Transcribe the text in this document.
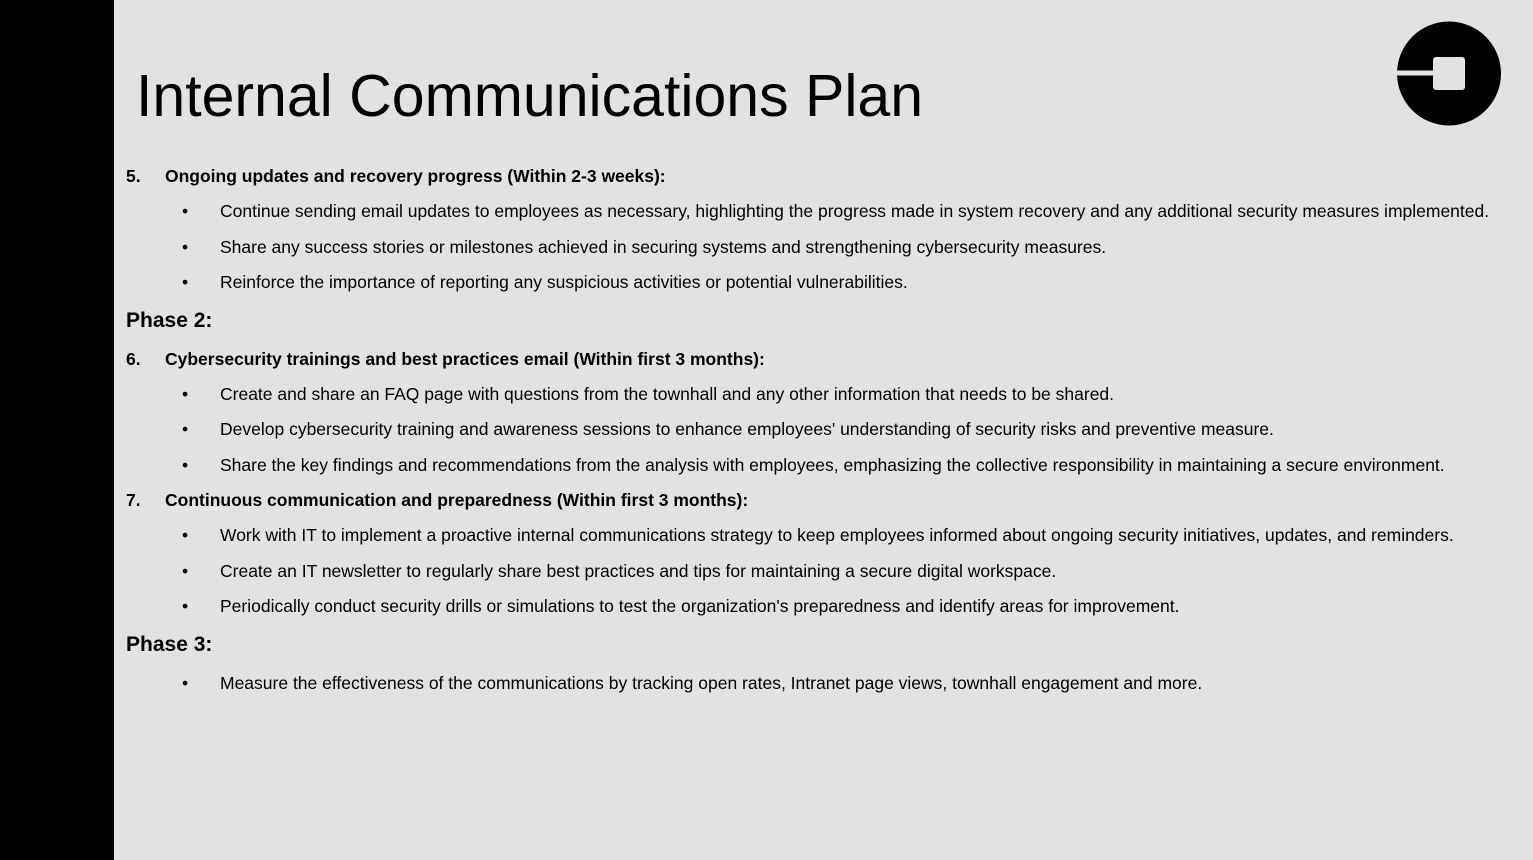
Internal Communications Plan
5. Ongoing updates and recovery progress (Within 2-3 weeks):
•	Continue sending email updates to employees as necessary, highlighting the progress made in system recovery and any additional security measures implemented.
•	Share any success stories or milestones achieved in securing systems and strengthening cybersecurity measures.
•	Reinforce the importance of reporting any suspicious activities or potential vulnerabilities.
Phase 2:
6. Cybersecurity trainings and best practices email (Within first 3 months):
•	Create and share an FAQ page with questions from the townhall and any other information that needs to be shared.
•	Develop cybersecurity training and awareness sessions to enhance employees' understanding of security risks and preventive measure.
•	Share the key findings and recommendations from the analysis with employees, emphasizing the collective responsibility in maintaining a secure environment.
7. Continuous communication and preparedness (Within first 3 months):
•	Work with IT to implement a proactive internal communications strategy to keep employees informed about ongoing security initiatives, updates, and reminders.
•	Create an IT newsletter to regularly share best practices and tips for maintaining a secure digital workspace.
•	Periodically conduct security drills or simulations to test the organization's preparedness and identify areas for improvement.
Phase 3:
•	Measure the effectiveness of the communications by tracking open rates, Intranet page views, townhall engagement and more.
